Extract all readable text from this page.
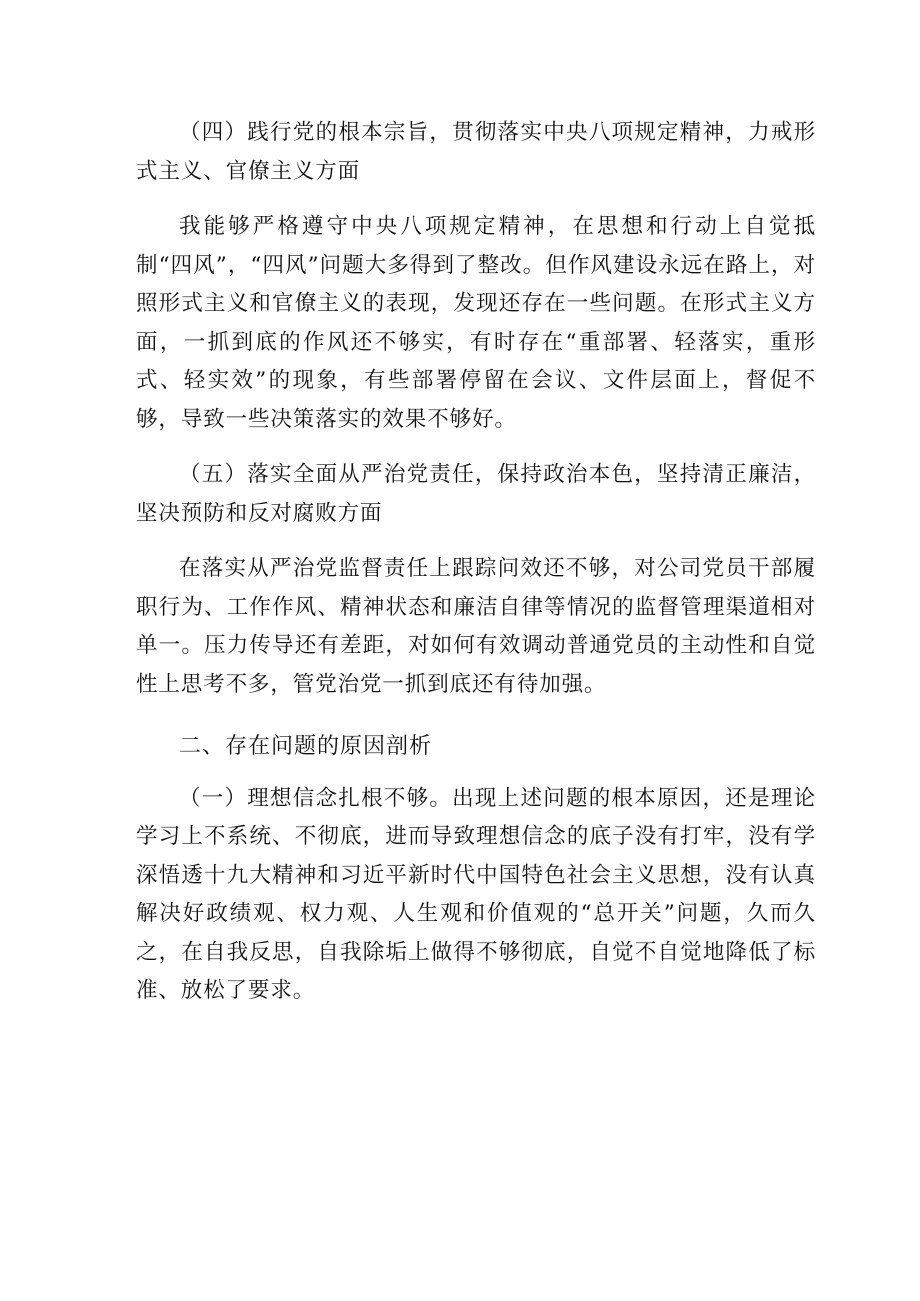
（四）践行党的根本宗旨，贯彻落实中央八项规定精神，力戒形式主义、官僚主义方面

我能够严格遵守中央八项规定精神，在思想和行动上自觉抵制“四风”，“四风”问题大多得到了整改。但作风建设永远在路上，对照形式主义和官僚主义的表现，发现还存在一些问题。在形式主义方面，一抓到底的作风还不够实，有时存在“重部署、轻落实，重形式、轻实效”的现象，有些部署停留在会议、文件层面上，督促不够，导致一些决策落实的效果不够好。

（五）落实全面从严治党责任，保持政治本色，坚持清正廉洁，坚决预防和反对腐败方面

在落实从严治党监督责任上跟踪问效还不够，对公司党员干部履职行为、工作作风、精神状态和廉洁自律等情况的监督管理渠道相对单一。压力传导还有差距，对如何有效调动普通党员的主动性和自觉性上思考不多，管党治党一抓到底还有待加强。

二、存在问题的原因剖析

（一）理想信念扎根不够。出现上述问题的根本原因，还是理论学习上不系统、不彻底，进而导致理想信念的底子没有打牢，没有学深悟透十九大精神和习近平新时代中国特色社会主义思想，没有认真解决好政绩观、权力观、人生观和价值观的“总开关”问题，久而久之，在自我反思，自我除垢上做得不够彻底，自觉不自觉地降低了标准、放松了要求。
